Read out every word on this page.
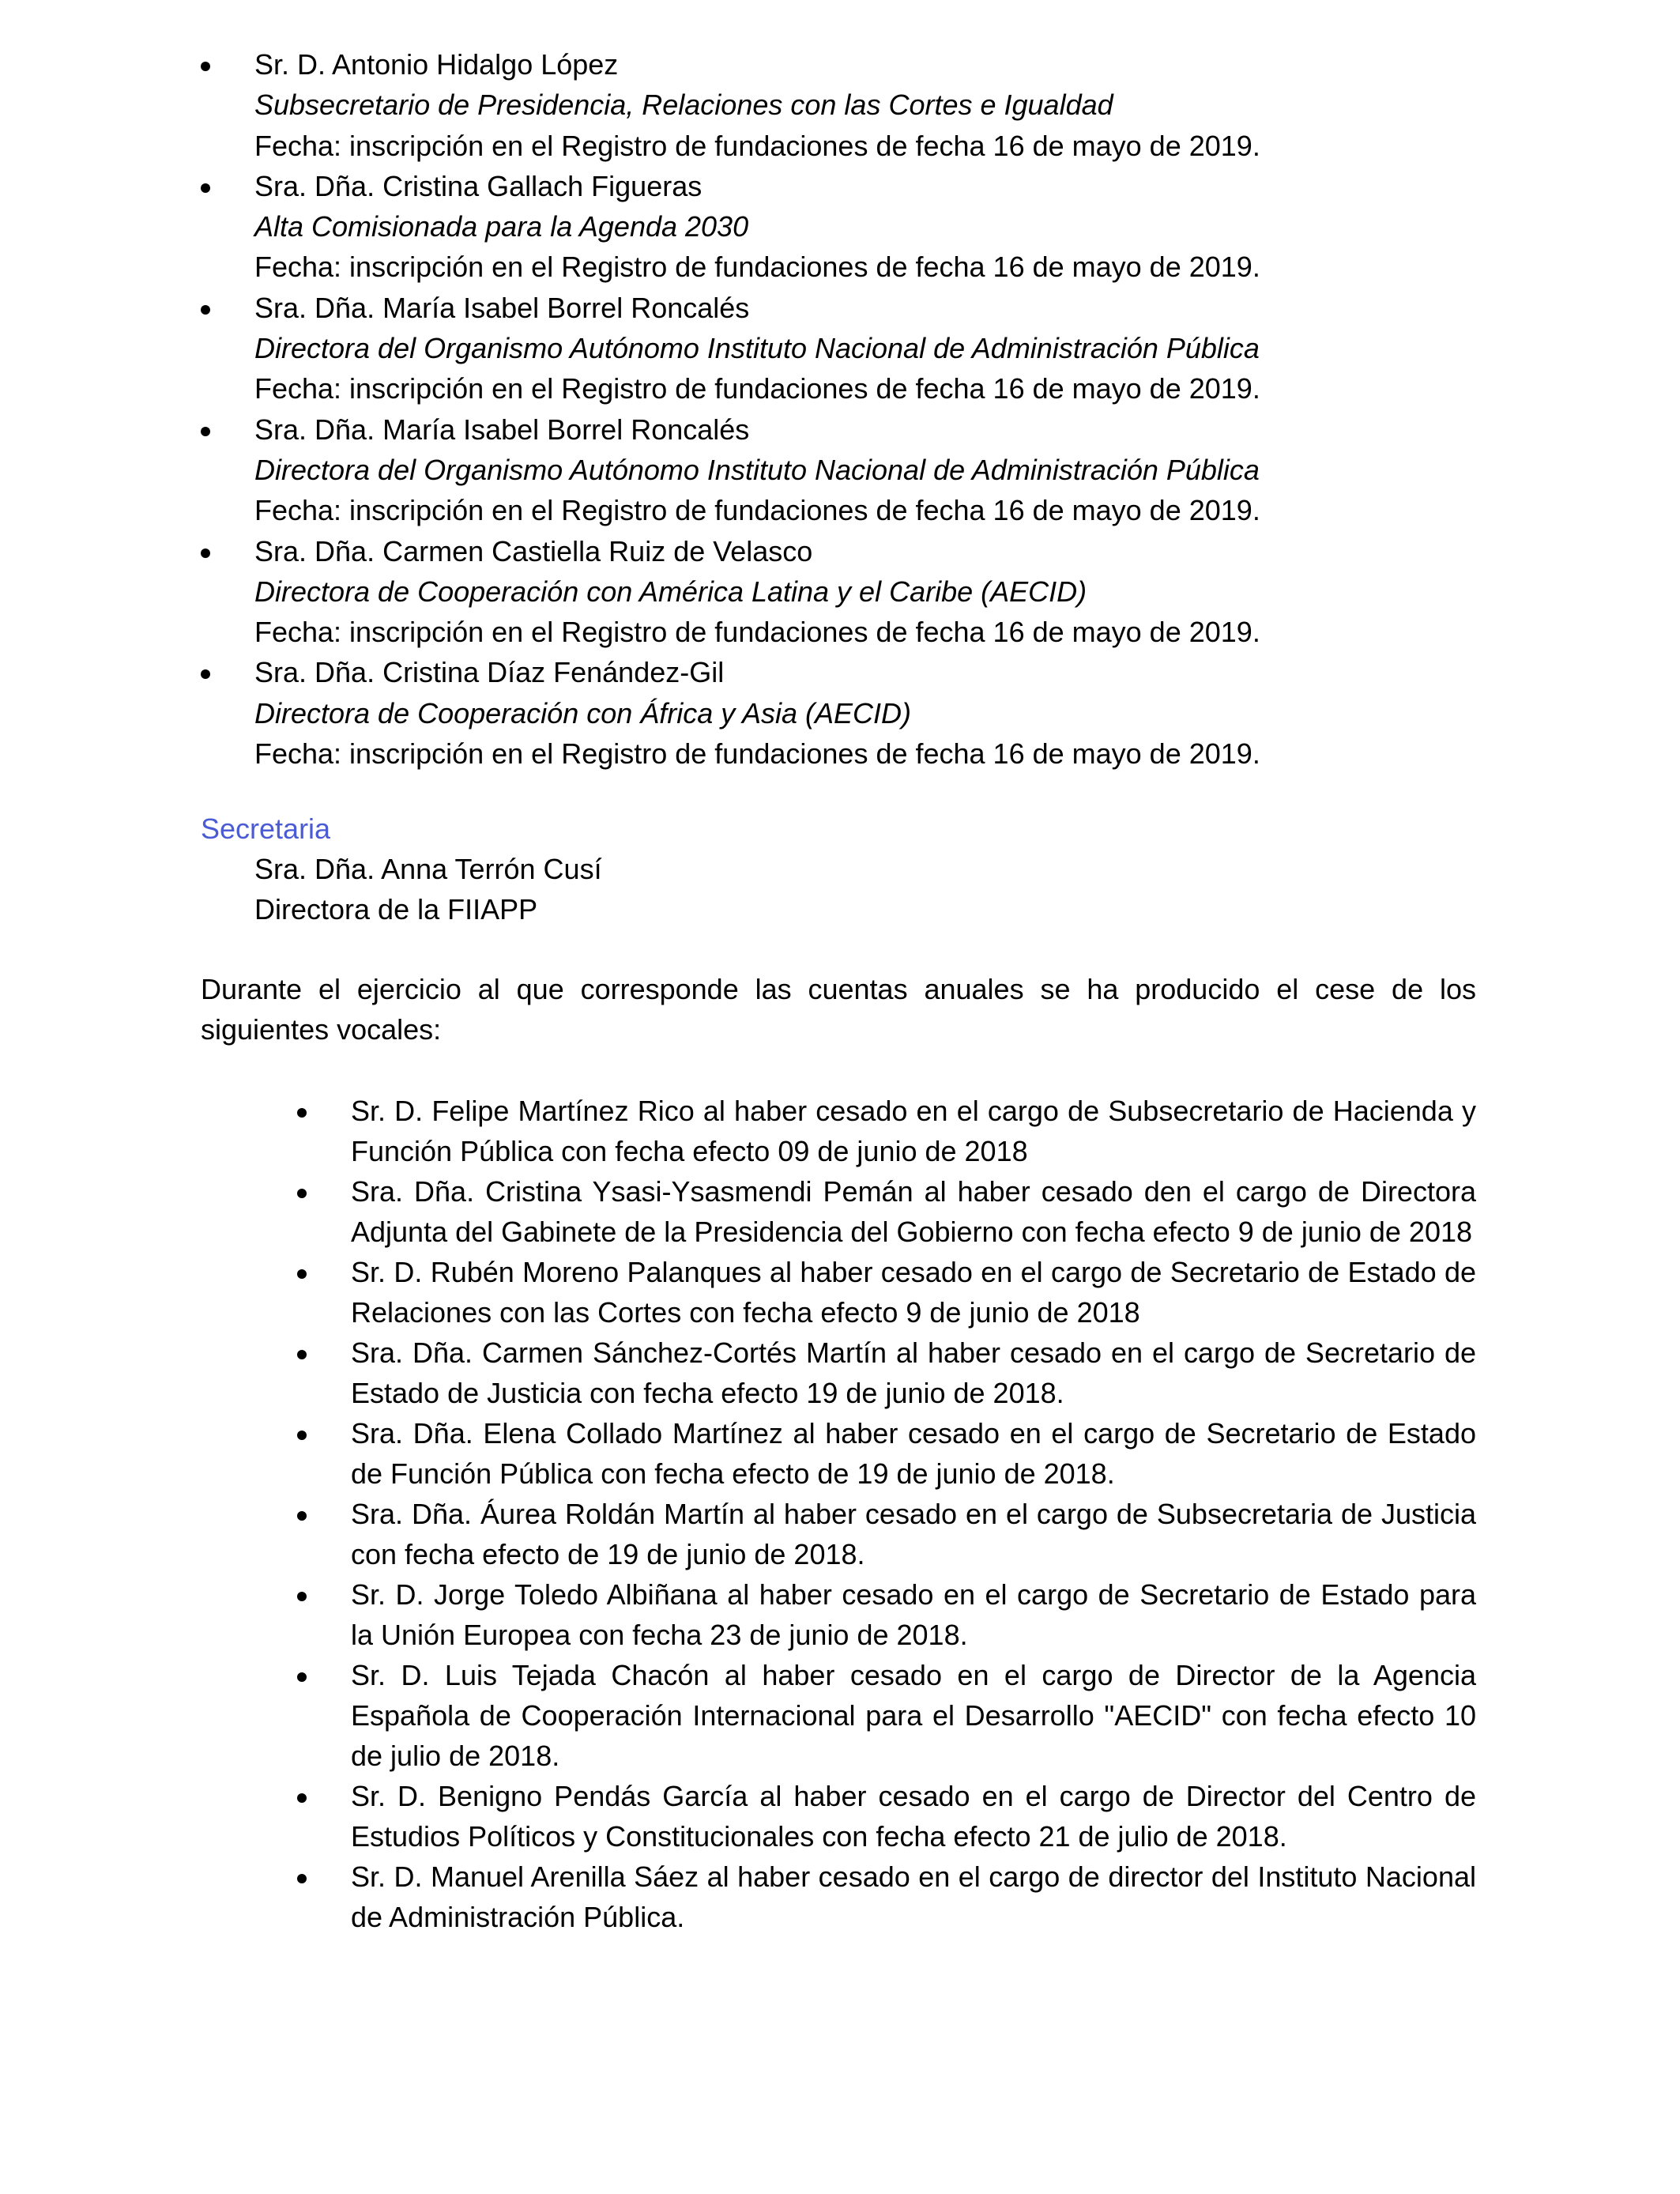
Sr. D. Antonio Hidalgo López
Subsecretario de Presidencia, Relaciones con las Cortes e Igualdad
Fecha: inscripción en el Registro de fundaciones de fecha 16 de mayo de 2019.
Sra. Dña. Cristina Gallach Figueras
Alta Comisionada para la Agenda 2030
Fecha: inscripción en el Registro de fundaciones de fecha 16 de mayo de 2019.
Sra. Dña. María Isabel Borrel Roncalés
Directora del Organismo Autónomo Instituto Nacional de Administración Pública
Fecha: inscripción en el Registro de fundaciones de fecha 16 de mayo de 2019.
Sra. Dña. María Isabel Borrel Roncalés
Directora del Organismo Autónomo Instituto Nacional de Administración Pública
Fecha: inscripción en el Registro de fundaciones de fecha 16 de mayo de 2019.
Sra. Dña. Carmen Castiella Ruiz de Velasco
Directora de Cooperación con América Latina y el Caribe (AECID)
Fecha: inscripción en el Registro de fundaciones de fecha 16 de mayo de 2019.
Sra. Dña. Cristina Díaz Fenández-Gil
Directora de Cooperación con África y Asia (AECID)
Fecha: inscripción en el Registro de fundaciones de fecha 16 de mayo de 2019.
Secretaria
Sra. Dña. Anna Terrón Cusí
Directora de la FIIAPP

Durante el ejercicio al que corresponde las cuentas anuales se ha producido el cese de los siguientes vocales:

Sr. D. Felipe Martínez Rico al haber cesado en el cargo de Subsecretario de Hacienda y Función Pública con fecha efecto 09 de junio de 2018
Sra. Dña. Cristina Ysasi-Ysasmendi Pemán al haber cesado den el cargo de Directora Adjunta del Gabinete de la Presidencia del Gobierno con fecha efecto 9 de junio de 2018
Sr. D. Rubén Moreno Palanques al haber cesado en el cargo de Secretario de Estado de Relaciones con las Cortes con fecha efecto 9 de junio de 2018
Sra. Dña. Carmen Sánchez-Cortés Martín al haber cesado en el cargo de Secretario de Estado de Justicia con fecha efecto 19 de junio de 2018.
Sra. Dña. Elena Collado Martínez al haber cesado en el cargo de Secretario de Estado de Función Pública con fecha efecto de 19 de junio de 2018.
Sra. Dña. Áurea Roldán Martín al haber cesado en el cargo de Subsecretaria de Justicia con fecha efecto de 19 de junio de 2018.
Sr. D. Jorge Toledo Albiñana al haber cesado en el cargo de Secretario de Estado para la Unión Europea con fecha 23 de junio de 2018.
Sr. D. Luis Tejada Chacón al haber cesado en el cargo de Director de la Agencia Española de Cooperación Internacional para el Desarrollo "AECID" con fecha efecto 10 de julio de 2018.
Sr. D. Benigno Pendás García al haber cesado en el cargo de Director del Centro de Estudios Políticos y Constitucionales con fecha efecto 21 de julio de 2018.
Sr. D. Manuel Arenilla Sáez al haber cesado en el cargo de director del Instituto Nacional de Administración Pública.
